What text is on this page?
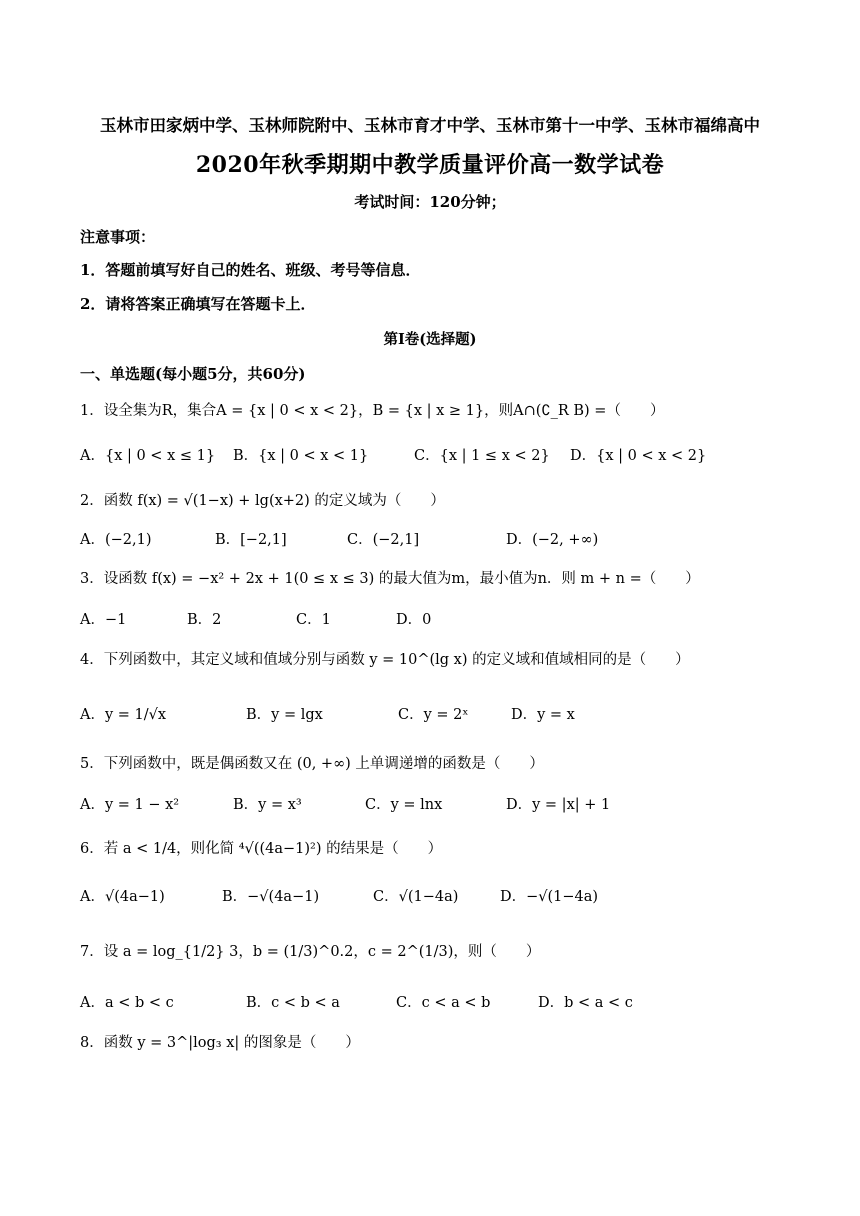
玉林市田家炳中学、玉林师院附中、玉林市育才中学、玉林市第十一中学、玉林市福绵高中
2020年秋季期期中教学质量评价高一数学试卷
考试时间：120分钟；
注意事项：
1．答题前填写好自己的姓名、班级、考号等信息．
2．请将答案正确填写在答题卡上．
第I卷(选择题)
一、单选题(每小题5分，共60分)
1．设全集为R，集合A = {x | 0 < x < 2}，B = {x | x ≥ 1}，则A∩(∁_R B) =（　　）
A．{x | 0 < x ≤ 1} B．{x | 0 < x < 1}	C．{x | 1 ≤ x < 2} D．{x | 0 < x < 2}
2．函数 f(x) = √(1−x) + lg(x+2) 的定义域为（　　）
A．(−2,1)	B．[−2,1]	C．(−2,1]	D．(−2, +∞)
3．设函数 f(x) = −x² + 2x + 1(0 ≤ x ≤ 3) 的最大值为m，最小值为n．则 m + n =（　　）
A．−1	B．2	C．1	D．0
4．下列函数中，其定义域和值域分别与函数 y = 10^(lg x) 的定义域和值域相同的是（　　）
A．y = 1/√x	B．y = lgx	C．y = 2ˣ	D．y = x
5．下列函数中，既是偶函数又在 (0, +∞) 上单调递增的函数是（　　）
A．y = 1 − x²	B．y = x³	C．y = lnx	D．y = |x| + 1
6．若 a < 1/4，则化简 ⁴√((4a−1)²) 的结果是（　　）
A．√(4a−1)	B．−√(4a−1)	C．√(1−4a)	D．−√(1−4a)
7．设 a = log_{1/2} 3，b = (1/3)^0.2，c = 2^(1/3)，则（　　）
A．a < b < c	B．c < b < a	C．c < a < b	D．b < a < c
8．函数 y = 3^|log₃ x| 的图象是（　　）
